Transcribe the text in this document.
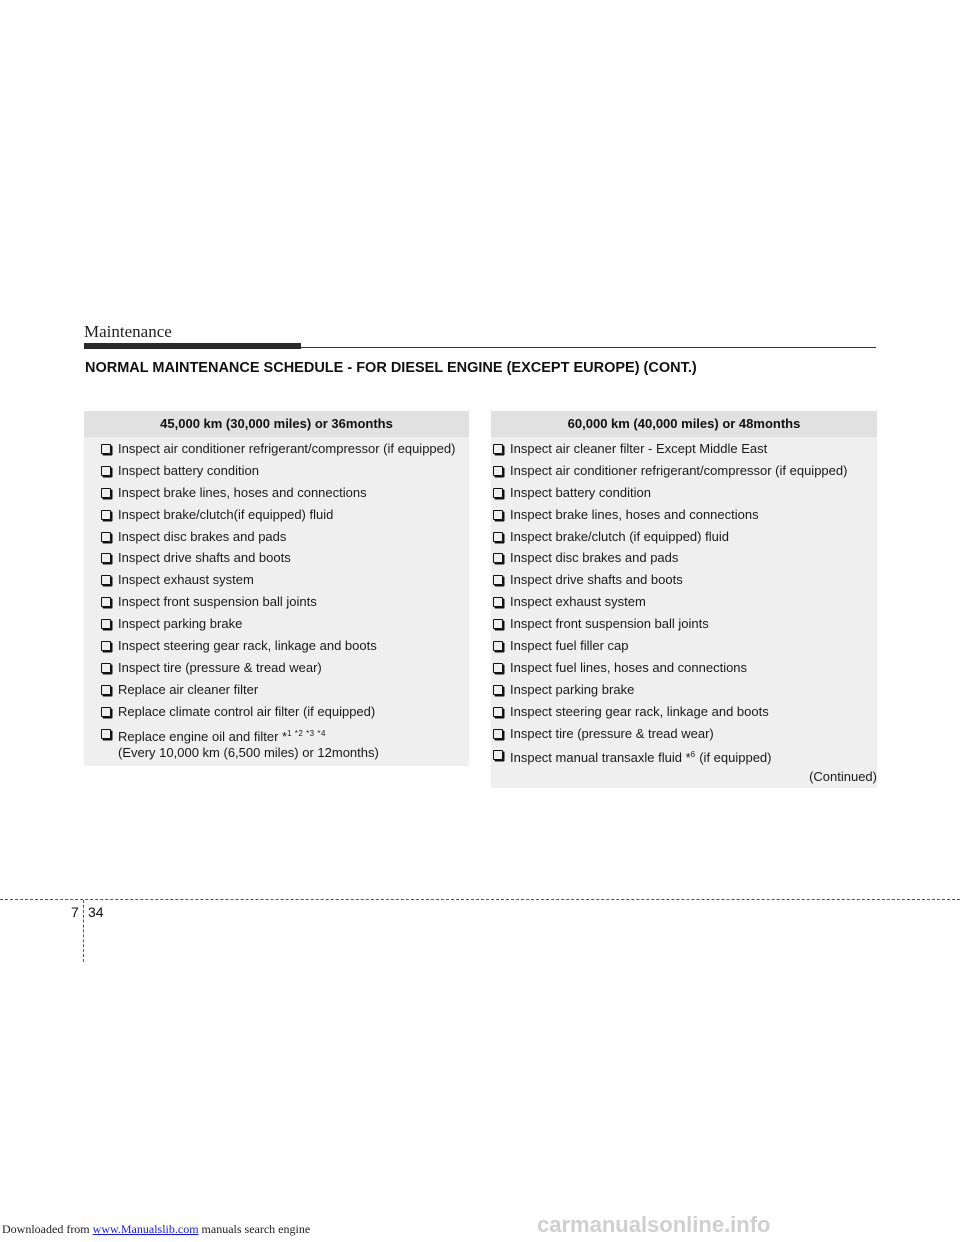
Maintenance
NORMAL MAINTENANCE SCHEDULE - FOR DIESEL ENGINE (EXCEPT EUROPE) (CONT.)
45,000 km (30,000 miles) or 36months
Inspect air conditioner refrigerant/compressor (if equipped)
Inspect battery condition
Inspect brake lines, hoses and connections
Inspect brake/clutch(if equipped) fluid
Inspect disc brakes and pads
Inspect drive shafts and boots
Inspect exhaust system
Inspect front suspension ball joints
Inspect parking brake
Inspect steering gear rack, linkage and boots
Inspect tire (pressure & tread wear)
Replace air cleaner filter
Replace climate control air filter (if equipped)
Replace engine oil and filter *$^{1 *2 *3 *4}$
(Every 10,000 km (6,500 miles) or 12months)
60,000 km (40,000 miles) or 48months
Inspect air cleaner filter - Except Middle East
Inspect air conditioner refrigerant/compressor (if equipped)
Inspect battery condition
Inspect brake lines, hoses and connections
Inspect brake/clutch (if equipped) fluid
Inspect disc brakes and pads
Inspect drive shafts and boots
Inspect exhaust system
Inspect front suspension ball joints
Inspect fuel filler cap
Inspect fuel lines, hoses and connections
Inspect parking brake
Inspect steering gear rack, linkage and boots
Inspect tire (pressure & tread wear)
Inspect manual transaxle fluid *$^6$ (if equipped)
(Continued)
7 34
Downloaded from www.Manualslib.com manuals search engine	carmanualsonline.info
